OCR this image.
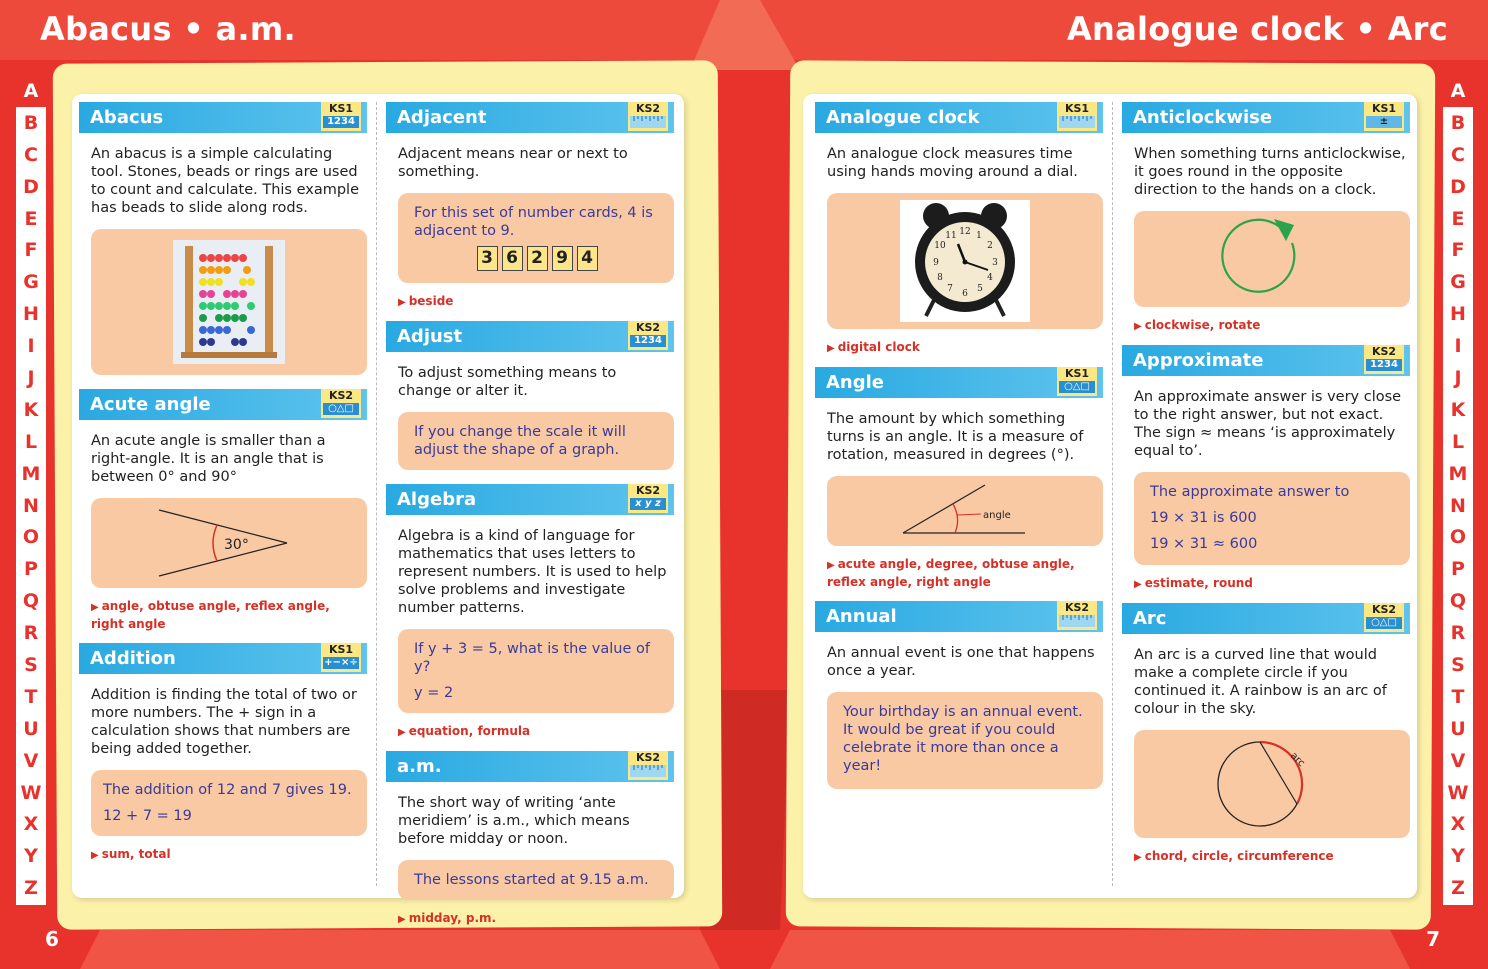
Abacus • a.m.	Analogue clock • Arc
A
B
C
D
E
F
G
H
I
J
K
L
M
N
O
P
Q
R
S
T
U
V
W
X
Y
Z
A
B
C
D
E
F
G
H
I
J
K
L
M
N
O
P
Q
R
S
T
U
V
W
X
Y
Z
6	7
Abacus	KS1
1234

An abacus is a simple calculating tool. Stones, beads or rings are used to count and calculate. This example has beads to slide along rods.

Acute angle	KS2
○△□

An acute angle is smaller than a right-angle. It is an angle that is between 0° and 90°

30°

▶ angle, obtuse angle, reflex angle, right angle

Addition	KS1
+−×÷

Addition is finding the total of two or more numbers. The + sign in a calculation shows that numbers are being added together.

The addition of 12 and 7 gives 19.

12 + 7 = 19

▶ sum, total

Adjacent	KS2

Adjacent means near or next to something.

For this set of number cards, 4 is adjacent to 9.

3 6 2 9 4

▶ beside

Adjust	KS2
1234

To adjust something means to change or alter it.

If you change the scale it will adjust the shape of a graph.

Algebra	KS2
x y z

Algebra is a kind of language for mathematics that uses letters to represent numbers. It is used to help solve problems and investigate number patterns.

If y + 3 = 5, what is the value of y?

y = 2

▶ equation, formula

a.m.	KS2

The short way of writing ‘ante meridiem’ is a.m., which means before midday or noon.

The lessons started at 9.15 a.m.

▶ midday, p.m.

Analogue clock	KS1

An analogue clock measures time using hands moving around a dial.

12 1
2
3
4
5
6
7
8
9
10
11

▶ digital clock

Angle	KS1
○△□

The amount by which something turns is an angle. It is a measure of rotation, measured in degrees (°).

angle

▶ acute angle, degree, obtuse angle, reflex angle, right angle

Annual	KS2

An annual event is one that happens once a year.

Your birthday is an annual event. It would be great if you could celebrate it more than once a year!

Anticlockwise	KS1
±

When something turns anticlockwise, it goes round in the opposite direction to the hands on a clock.

▶ clockwise, rotate

Approximate	KS2
1234

An approximate answer is very close to the right answer, but not exact. The sign ≈ means ‘is approximately equal to’.

The approximate answer to

19 × 31 is 600

19 × 31 ≈ 600

▶ estimate, round

Arc	KS2
○△□

An arc is a curved line that would make a complete circle if you continued it. A rainbow is an arc of colour in the sky.

arc

▶ chord, circle, circumference
